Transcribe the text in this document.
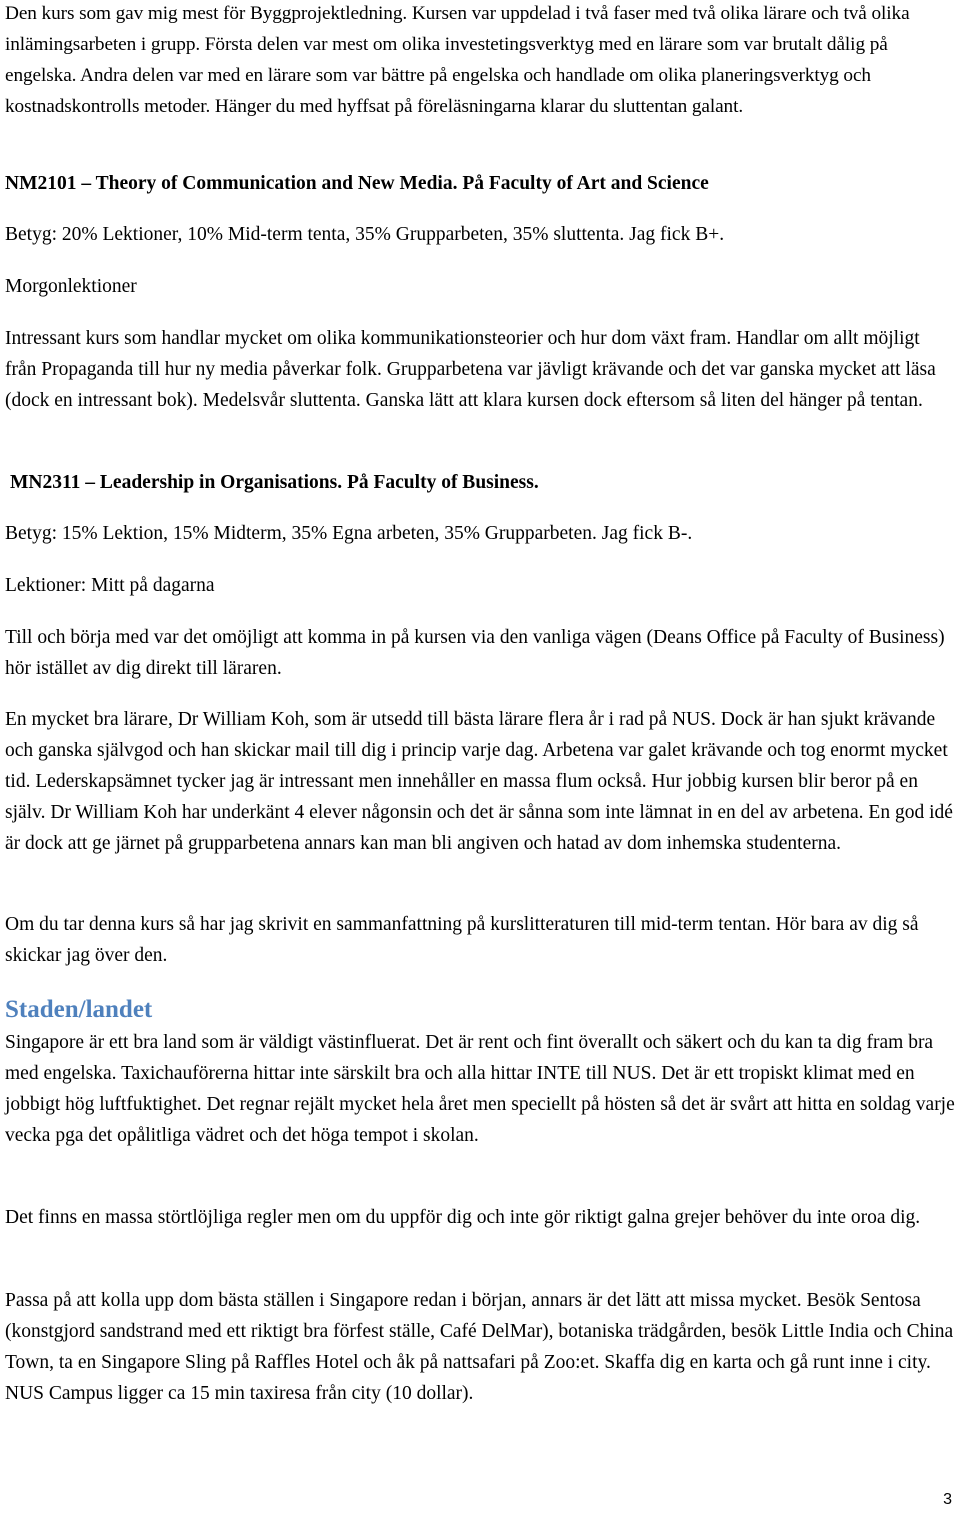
Den kurs som gav mig mest för Byggprojektledning. Kursen var uppdelad i två faser med två olika lärare och två olika inlämingsarbeten i grupp. Första delen var mest om olika investetingsverktyg med en lärare som var brutalt dålig på engelska. Andra delen var med en lärare som var bättre på engelska och handlade om olika planeringsverktyg och kostnadskontrolls metoder. Hänger du med hyffsat på föreläsningarna klarar du sluttentan galant.

NM2101 – Theory of Communication and New Media. På Faculty of Art and Science

Betyg: 20% Lektioner, 10% Mid-term tenta, 35% Grupparbeten, 35% sluttenta. Jag fick B+.

Morgonlektioner

Intressant kurs som handlar mycket om olika kommunikationsteorier och hur dom växt fram. Handlar om allt möjligt från Propaganda till hur ny media påverkar folk. Grupparbetena var jävligt krävande och det var ganska mycket att läsa (dock en intressant bok). Medelsvår sluttenta. Ganska lätt att klara kursen dock eftersom så liten del hänger på tentan.

MN2311 – Leadership in Organisations. På Faculty of Business.

Betyg: 15% Lektion, 15% Midterm, 35% Egna arbeten, 35% Grupparbeten. Jag fick B-.

Lektioner: Mitt på dagarna

Till och börja med var det omöjligt att komma in på kursen via den vanliga vägen (Deans Office på Faculty of Business) hör istället av dig direkt till läraren.

En mycket bra lärare, Dr William Koh, som är utsedd till bästa lärare flera år i rad på NUS. Dock är han sjukt krävande och ganska självgod och han skickar mail till dig i princip varje dag. Arbetena var galet krävande och tog enormt mycket tid. Lederskapsämnet tycker jag är intressant men innehåller en massa flum också. Hur jobbig kursen blir beror på en själv. Dr William Koh har underkänt 4 elever någonsin och det är sånna som inte lämnat in en del av arbetena. En god idé är dock att ge järnet på grupparbetena annars kan man bli angiven och hatad av dom inhemska studenterna.

Om du tar denna kurs så har jag skrivit en sammanfattning på kurslitteraturen till mid-term tentan. Hör bara av dig så skickar jag över den.

Staden/landet

Singapore är ett bra land som är väldigt västinfluerat. Det är rent och fint överallt och säkert och du kan ta dig fram bra med engelska. Taxichauförerna hittar inte särskilt bra och alla hittar INTE till NUS. Det är ett tropiskt klimat med en jobbigt hög luftfuktighet. Det regnar rejält mycket hela året men speciellt på hösten så det är svårt att hitta en soldag varje vecka pga det opålitliga vädret och det höga tempot i skolan.

Det finns en massa störtlöjliga regler men om du uppför dig och inte gör riktigt galna grejer behöver du inte oroa dig.

Passa på att kolla upp dom bästa ställen i Singapore redan i början, annars är det lätt att missa mycket. Besök Sentosa (konstgjord sandstrand med ett riktigt bra förfest ställe, Café DelMar), botaniska trädgården, besök Little India och China Town, ta en Singapore Sling på Raffles Hotel och åk på nattsafari på Zoo:et. Skaffa dig en karta och gå runt inne i city. NUS Campus ligger ca 15 min taxiresa från city (10 dollar).

3
